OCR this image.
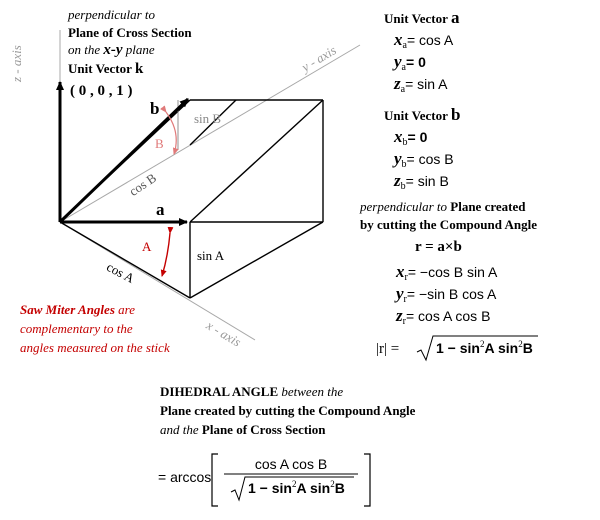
z - axis	y - axis
x - axis
perpendicular to
Plane of Cross Section
on the x-y plane
Unit Vector k
( 0 , 0 , 1 )
b
a
B
A
sin B
cos B
sin A
cos A
Saw Miter Angles are
complementary to the
angles measured on the stick
Unit Vector a
xa= cos A
ya= 0
za= sin A
Unit Vector b
xb= 0
yb= cos B
zb= sin B
perpendicular to Plane created
by cutting the Compound Angle
r = a×b
xr= −cos B sin A
yr= −sin B cos A
zr= cos A cos B
|r| =	$1 - \sin^2A$ $\sin^2B$
DIHEDRAL ANGLE between the
Plane created by cutting the Compound Angle
and the Plane of Cross Section
= arccos
cos A cos B
$1 - \sin^2A$ $\sin^2B$
